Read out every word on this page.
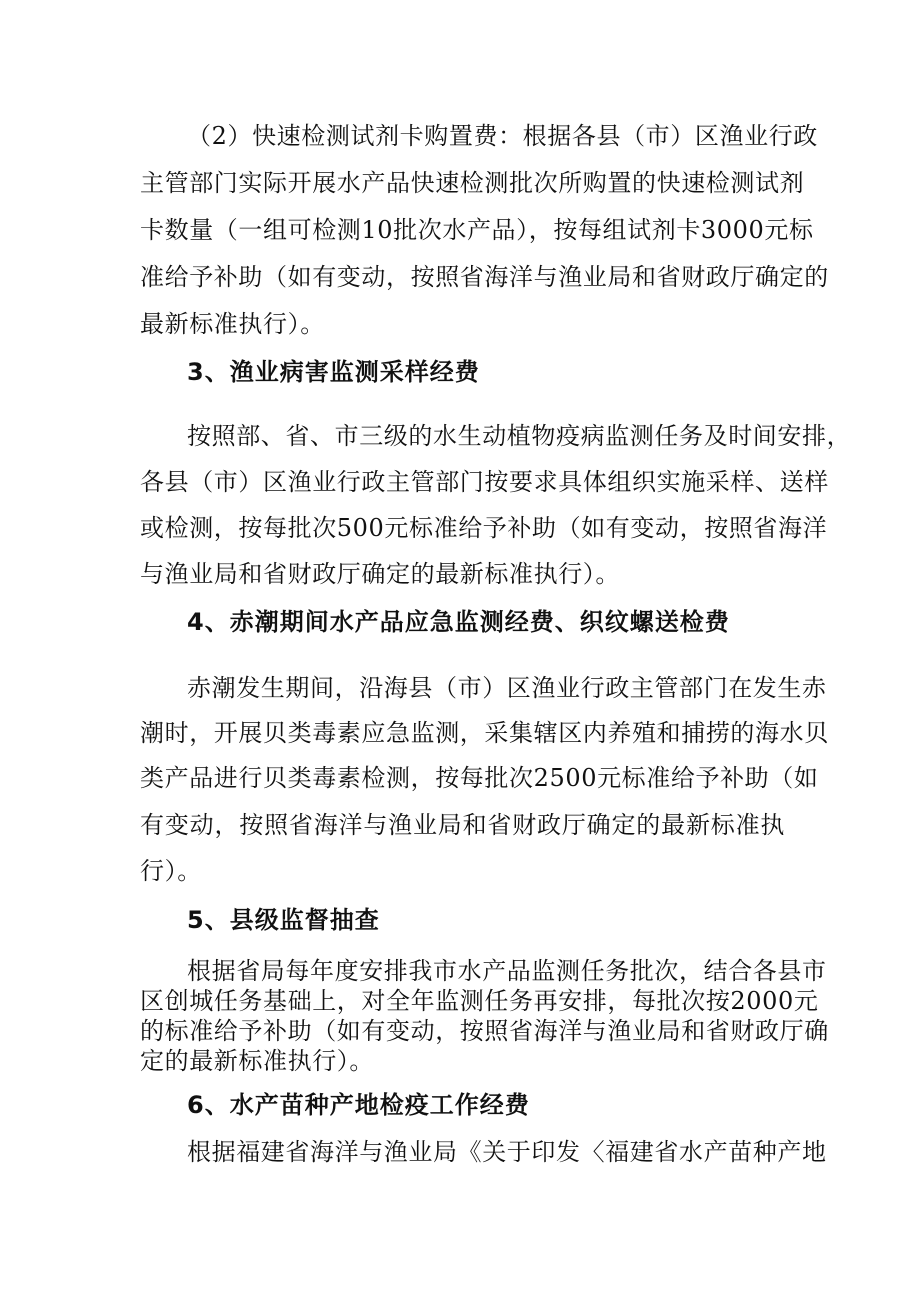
（2）快速检测试剂卡购置费：根据各县（市）区渔业行政
主管部门实际开展水产品快速检测批次所购置的快速检测试剂
卡数量（一组可检测10批次水产品），按每组试剂卡3000元标
准给予补助（如有变动，按照省海洋与渔业局和省财政厅确定的
最新标准执行）。
3、渔业病害监测采样经费
按照部、省、市三级的水生动植物疫病监测任务及时间安排，
各县（市）区渔业行政主管部门按要求具体组织实施采样、送样
或检测，按每批次500元标准给予补助（如有变动，按照省海洋
与渔业局和省财政厅确定的最新标准执行）。
4、赤潮期间水产品应急监测经费、织纹螺送检费
赤潮发生期间，沿海县（市）区渔业行政主管部门在发生赤
潮时，开展贝类毒素应急监测，采集辖区内养殖和捕捞的海水贝
类产品进行贝类毒素检测，按每批次2500元标准给予补助（如
有变动，按照省海洋与渔业局和省财政厅确定的最新标准执
行）。
5、县级监督抽查
根据省局每年度安排我市水产品监测任务批次，结合各县市
区创城任务基础上，对全年监测任务再安排，每批次按2000元
的标准给予补助（如有变动，按照省海洋与渔业局和省财政厅确
定的最新标准执行）。
6、水产苗种产地检疫工作经费
根据福建省海洋与渔业局《关于印发〈福建省水产苗种产地
